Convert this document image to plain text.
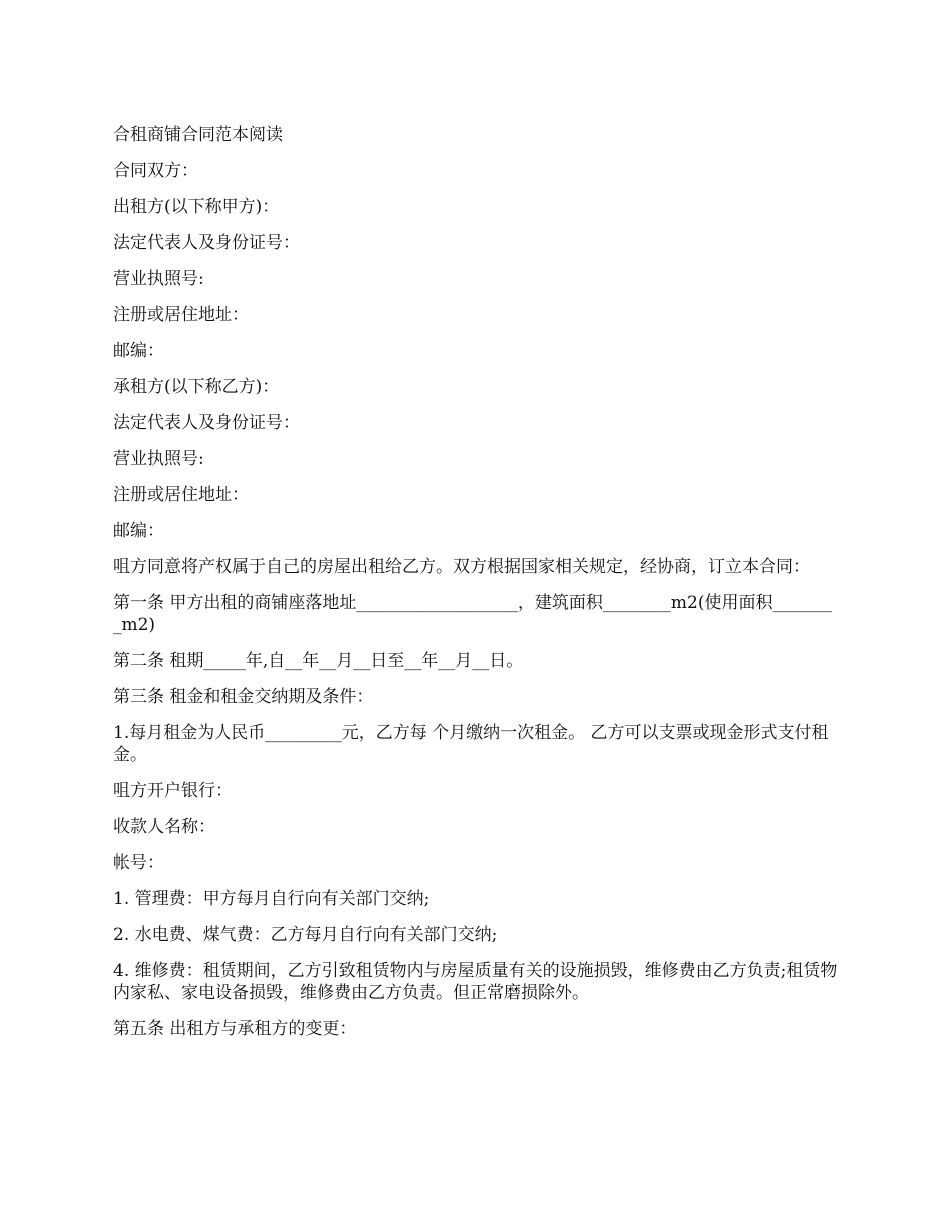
合租商铺合同范本阅读
合同双方：
出租方(以下称甲方)：
法定代表人及身份证号：
营业执照号:
注册或居住地址：
邮编：
承租方(以下称乙方)：
法定代表人及身份证号：
营业执照号:
注册或居住地址：
邮编：
咀方同意将产权属于自己的房屋出租给乙方。双方根据国家相关规定，经协商，订立本合同：
第一条 甲方出租的商铺座落地址___________________，建筑面积________m2(使用面积________m2)
第二条 租期_____年,自__年__月__日至__年__月__日。
第三条 租金和租金交纳期及条件：
1.每月租金为人民币_________元，乙方每 个月缴纳一次租金。 乙方可以支票或现金形式支付租金。
咀方开户银行：
收款人名称：
帐号：
1. 管理费：甲方每月自行向有关部门交纳;
2. 水电费、煤气费：乙方每月自行向有关部门交纳;
4. 维修费：租赁期间，乙方引致租赁物内与房屋质量有关的设施损毁，维修费由乙方负责;租赁物内家私、家电设备损毁，维修费由乙方负责。但正常磨损除外。
第五条 出租方与承租方的变更：
